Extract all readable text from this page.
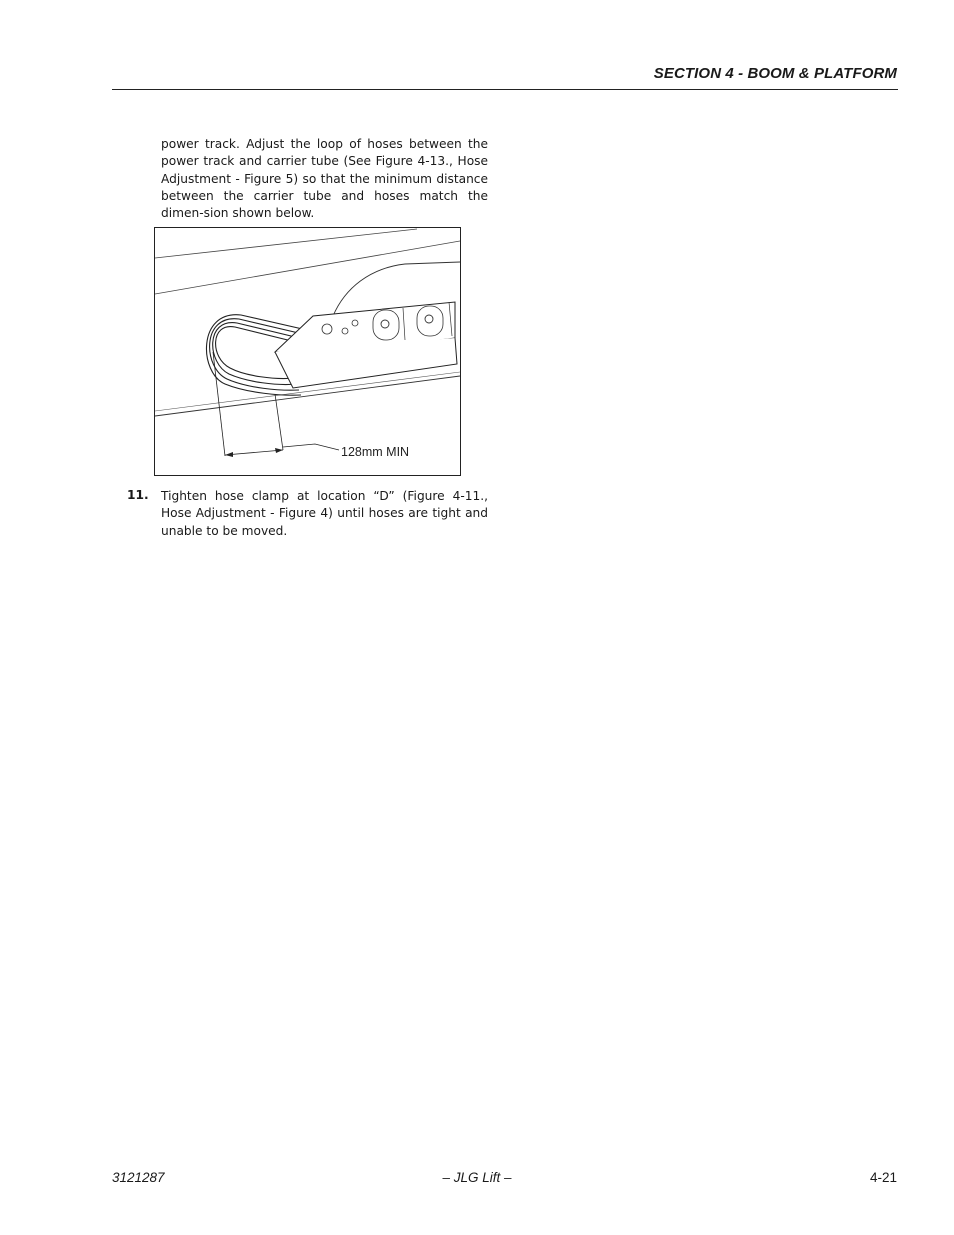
SECTION 4 - BOOM & PLATFORM
power track. Adjust the loop of hoses between the power track and carrier tube (See Figure 4-13., Hose Adjustment - Figure 5) so that the minimum distance between the carrier tube and hoses match the dimen-sion shown below.
128mm MIN
11. Tighten hose clamp at location “D” (Figure 4-11., Hose Adjustment - Figure 4) until hoses are tight and unable to be moved.
3121287	– JLG Lift –	4-21
